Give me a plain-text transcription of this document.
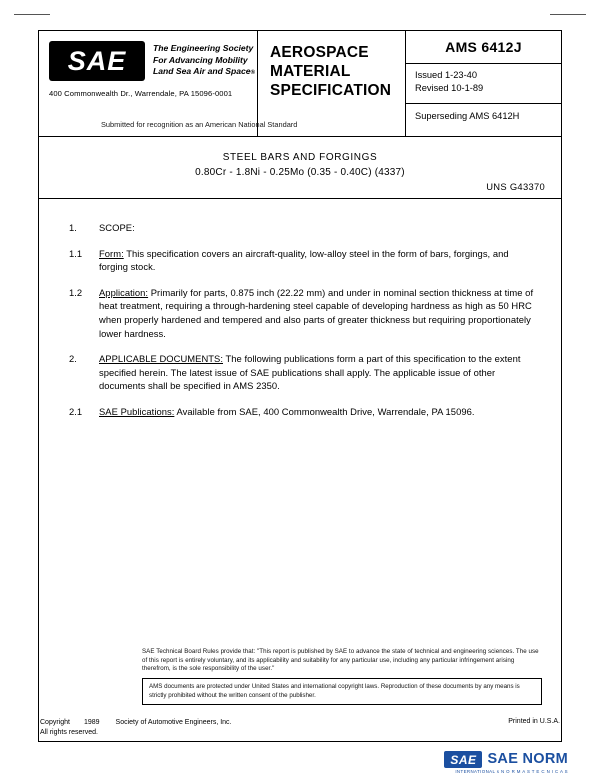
SAE	The Engineering Society
For Advancing Mobility
Land Sea Air and Space®
400 Commonwealth Dr., Warrendale, PA 15096-0001
Submitted for recognition as an American National Standard
AEROSPACE
MATERIAL
SPECIFICATION
AMS 6412J
Issued 1-23-40
Revised 10-1-89
Superseding AMS 6412H
STEEL BARS AND FORGINGS
0.80Cr - 1.8Ni - 0.25Mo (0.35 - 0.40C) (4337)
UNS G43370
1.	SCOPE:
1.1	Form: This specification covers an aircraft-quality, low-alloy steel in the form of bars, forgings, and forging stock.
1.2	Application: Primarily for parts, 0.875 inch (22.22 mm) and under in nominal section thickness at time of heat treatment, requiring a through-hardening steel capable of developing hardness as high as 50 HRC when properly hardened and tempered and also parts of greater thickness but requiring proportionately lower hardness.
2.	APPLICABLE DOCUMENTS: The following publications form a part of this specification to the extent specified herein. The latest issue of SAE publications shall apply. The applicable issue of other documents shall be specified in AMS 2350.
2.1	SAE Publications: Available from SAE, 400 Commonwealth Drive, Warrendale, PA 15096.
SAE Technical Board Rules provide that: "This report is published by SAE to advance the state of technical and engineering sciences. The use of this report is entirely voluntary, and its applicability and suitability for any particular use, including any particular infringement arising therefrom, is the sole responsibility of the user."
AMS documents are protected under United States and international copyright laws. Reproduction of these documents by any means is strictly prohibited without the written consent of the publisher.
Copyright 1989 Society of Automotive Engineers, Inc.
All rights reserved.
Printed in U.S.A.
SAE SAE NORM
INTERNATIONAL s N O R M A S T E C N I C A S
